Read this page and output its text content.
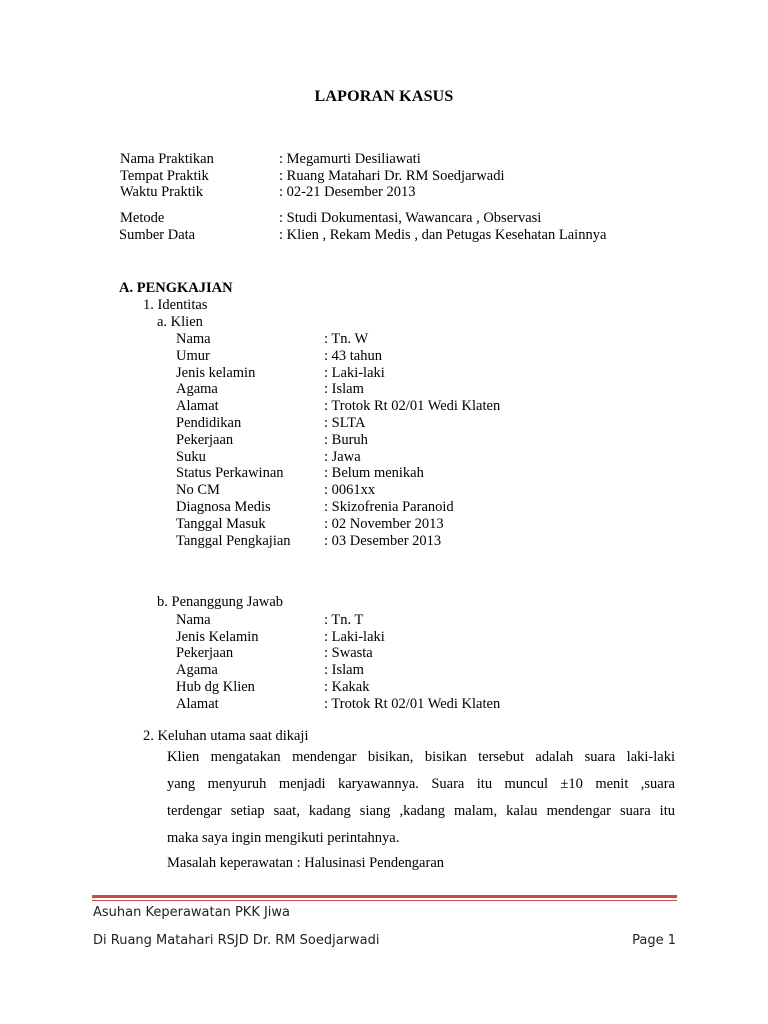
LAPORAN KASUS
Nama Praktikan	: Megamurti Desiliawati
Tempat Praktik	: Ruang Matahari Dr. RM Soedjarwadi
Waktu Praktik	: 02-21 Desember 2013
Metode	: Studi Dokumentasi, Wawancara , Observasi
Sumber Data	: Klien , Rekam Medis , dan Petugas Kesehatan Lainnya
A. PENGKAJIAN
1. Identitas
a. Klien
Nama	: Tn. W
Umur	: 43 tahun
Jenis kelamin	: Laki-laki
Agama	: Islam
Alamat	: Trotok Rt 02/01 Wedi Klaten
Pendidikan	: SLTA
Pekerjaan	: Buruh
Suku	: Jawa
Status Perkawinan	: Belum menikah
No CM	: 0061xx
Diagnosa Medis	: Skizofrenia Paranoid
Tanggal Masuk	: 02 November 2013
Tanggal Pengkajian : 03 Desember 2013
b. Penanggung Jawab
Nama	: Tn. T
Jenis Kelamin	: Laki-laki
Pekerjaan	: Swasta
Agama	: Islam
Hub dg Klien	: Kakak
Alamat	: Trotok Rt 02/01 Wedi Klaten
2. Keluhan utama saat dikaji
Klien mengatakan mendengar bisikan, bisikan tersebut adalah suara laki-laki
yang menyuruh menjadi karyawannya. Suara itu muncul ±10 menit ,suara
terdengar setiap saat, kadang siang ,kadang malam, kalau mendengar suara itu
maka saya ingin mengikuti perintahnya.
Masalah keperawatan : Halusinasi Pendengaran
Asuhan Keperawatan PKK Jiwa
Di Ruang Matahari RSJD Dr. RM Soedjarwadi	Page 1
